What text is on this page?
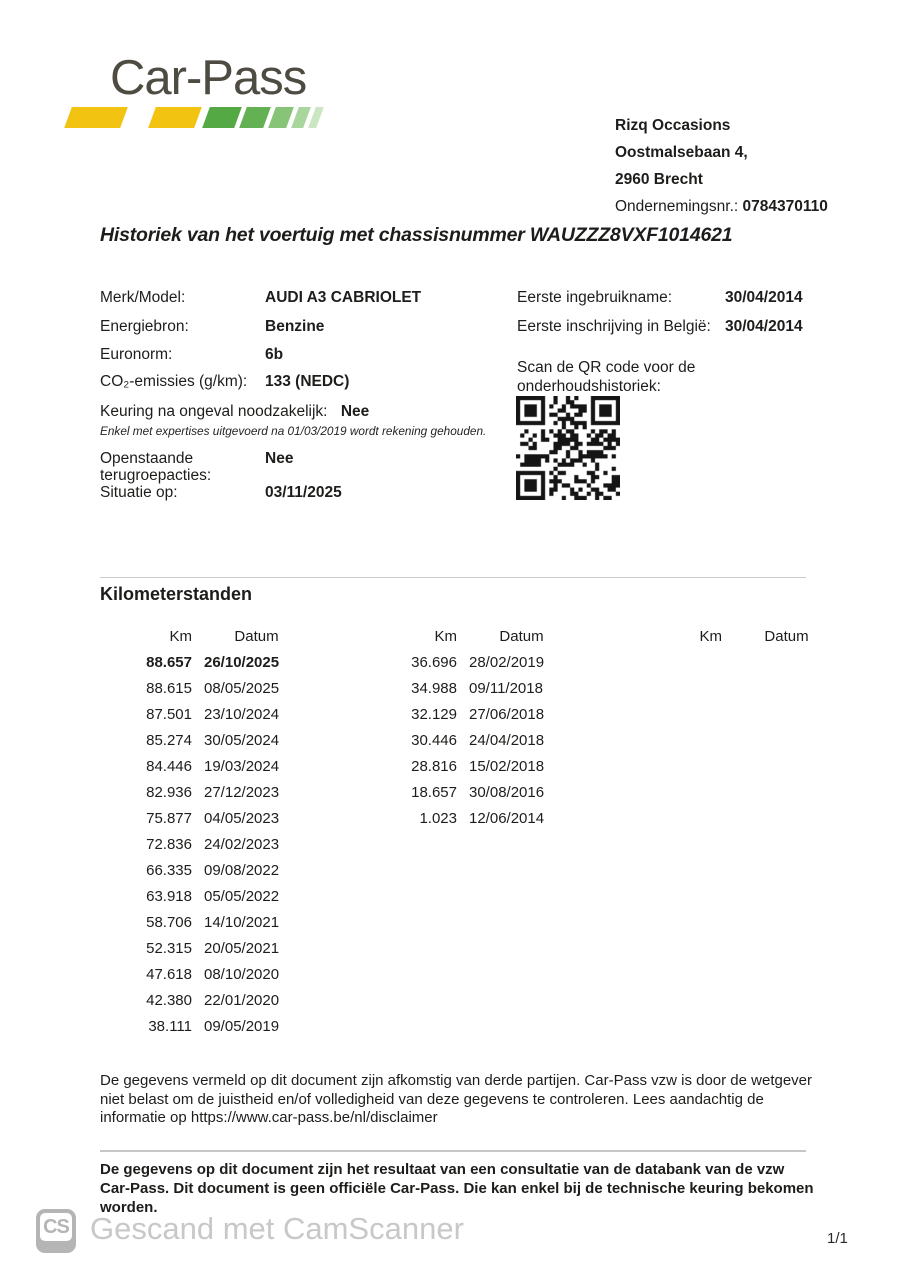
Car-Pass
Rizq Occasions
Oostmalsebaan 4,
2960 Brecht
Ondernemingsnr.: 0784370110
Historiek van het voertuig met chassisnummer WAUZZZ8VXF1014621
Merk/Model:	AUDI A3 CABRIOLET
Energiebron:	Benzine
Euronorm:	6b
CO₂-emissies (g/km): 133 (NEDC)
Keuring na ongeval noodzakelijk: Nee
Enkel met expertises uitgevoerd na 01/03/2019 wordt rekening gehouden.
Openstaande
terugroepacties:
Nee
Situatie op:	03/11/2025
Eerste ingebruikname:	30/04/2014
Eerste inschrijving in België: 30/04/2014
Scan de QR code voor de
onderhoudshistoriek:
Kilometerstanden
Km	Datum
88.657 26/10/2025
88.615 08/05/2025
87.501 23/10/2024
85.274 30/05/2024
84.446 19/03/2024
82.936 27/12/2023
75.877 04/05/2023
72.836 24/02/2023
66.335 09/08/2022
63.918 05/05/2022
58.706 14/10/2021
52.315 20/05/2021
47.618 08/10/2020
42.380 22/01/2020
38.111 09/05/2019
Km	Datum
36.696 28/02/2019
34.988 09/11/2018
32.129 27/06/2018
30.446 24/04/2018
28.816 15/02/2018
18.657 30/08/2016
1.023 12/06/2014
Km	Datum
De gegevens vermeld op dit document zijn afkomstig van derde partijen. Car-Pass vzw is door de wetgever niet belast om de juistheid en/of volledigheid van deze gegevens te controleren. Lees aandachtig de informatie op https://www.car-pass.be/nl/disclaimer
De gegevens op dit document zijn het resultaat van een consultatie van de databank van de vzw Car-Pass. Dit document is geen officiële Car-Pass. Die kan enkel bij de technische keuring bekomen worden.
CS Gescand met CamScanner	1/1
